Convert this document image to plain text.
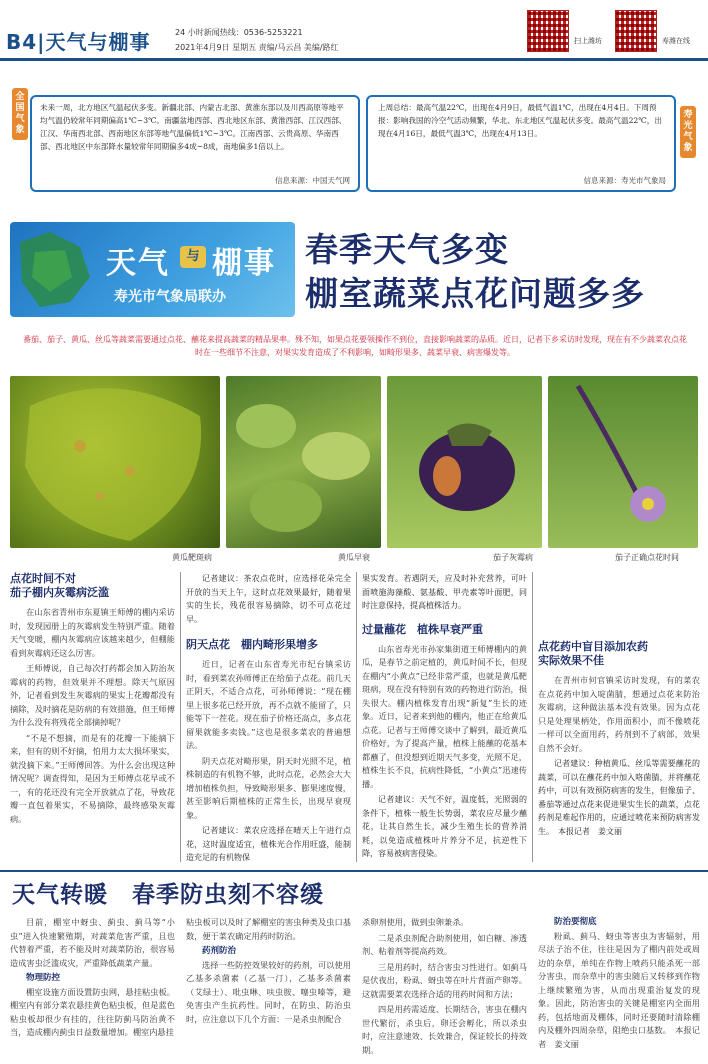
B4|天气与棚事	24 小时新闻热线：0536-5253221
2021年4月9日 星期五 责编/马云昌 美编/路红
扫上潍坊	寿潍在线
全国气象
未来一周，北方地区气温起伏多变。新疆北部、内蒙古北部、黄淮东部以及川西高原等地平均气温仍较常年同期偏高1℃~3℃。南疆盆地西部、西北地区东部、黄淮西部、江汉西部、江汉、华南西北部、西南地区东部等地气温偏低1℃~3℃。江南西部、云贵高原、华南西部、西北地区中东部降水量较常年同期偏多4成~8成，南地偏多1倍以上。
信息来源：中国天气网
上周总结：最高气温22℃，出现在4月9日，最低气温1℃，出现在4月4日。下周预报：影响我国的冷空气活动频繁，华北、东北地区气温起伏多变。最高气温22℃，出现在4月16日，最低气温3℃，出现在4月13日。
信息来源：寿光市气象局
寿光气象
天气	与 棚事
寿光市气象局联办
春季天气多变
棚室蔬菜点花问题多多
番茄、茄子、黄瓜、丝瓜等蔬菜需要通过点花、蘸花来提高蔬菜的精品果率。殊不知，如果点花要领操作不到位，直接影响蔬菜的品质。近日，记者下乡采访时发现，现在有不少蔬菜农点花时在一些细节不注意，对果实发育造成了不利影响，如畸形果多、蔬菜早衰、病害爆发等。
黄瓜靶斑病	黄瓜早衰	茄子灰霉病	茄子正确点花时间
点花时间不对
茄子棚内灰霉病泛滥

在山东省青州市东夏镇王师傅的棚内采访时，发现园册上的灰霉病发生特别严重。随着天气变暖，棚内灰霉病应该越来越少，但棚能看到灰霉病还这么厉害。

王师傅说，自己每次打药都会加入防治灰霉病的药物，但效果并不理想。除天气原因外，记者看到发生灰霉病的果实上花瓣都没有摘除，及时摘花是防病的有效措施，但王师傅为什么没有将残花全部摘掉呢？

“不是不想摘，而是有的花瓣一下能摘下来，但有的则不好摘，怕用力太大损坏果实，就没摘下来。”王师傅回答。为什么会出现这种情况呢？调查得知，是因为王师傅点花早或不一，有的花还没有完全开放就点了花，导致花瓣一直包着果实，不易摘除，最终感染灰霉病。

记者建议：茶农点花时，应选择花朵完全开放的当天上午，这时点花效果最好，随着果实的生长，残花很容易摘除，切不可点花过早。

阴天点花　棚内畸形果增多

近日，记者在山东省寿光市纪台镇采访时，看到菜农孙师傅正在给茄子点花。前几天正阴天，不适合点花，可孙师傅说：“现在棚里上很多花已经开放，再不点就不能留了，只能等下一茬花。现在茄子价格还高点，多点花留果就能多卖钱。”这也是很多菜农的普遍想法。

阴天点花对畸形果，阴天时光照不足，植株制造的有机物不够，此时点花，必然会大大增加植株负担，导致畸形果多、膨果速度慢，甚至影响后期植株的正常生长，出现早衰现象。

记者建议：菜农应选择在晴天上午进行点花，这时温度适宜，植株光合作用旺盛，能制造充足的有机物保

果实发育。若遇阴天，应及时补充营养，可叶面喷施海藻酸、氨基酸、甲壳素等叶面肥，同时注意保持，提高植株活力。

过量蘸花　植株早衰严重

山东省寿光市孙家集街道王师傅棚内的黄瓜，是春节之前定植的，黄瓜时间不长，但现在棚内“小黄点”已经非常严重，也就是黄瓜靶斑病，现在没有特别有效的药物进行防治，损失很大。棚内植株发育出现“新复”生长的迹象。近日，记者来到他的棚内，他正在给黄瓜点花。记者与王师傅交谈中了解到，最近黄瓜价格好，为了提高产量，植株上能蘸的花基本都蘸了，但没想到近期天气多变，光照不足，植株生长不良，抗病性降低，“小黄点”迅速传播。

记者建议：天气不好，温度低，光照弱的条件下，植株一般生长势弱，菜农应尽量少蘸花，让其自然生长，减少生殖生长的营养消耗，以免造成植株叶片养分不足，抗逆性下降，容易被病害侵染。

点花药中盲目添加农药
实际效果不佳

在青州市何官镇采访时发现，有的菜农在点花药中加入啶菌腈，想通过点花来防治灰霉病，这种做法基本没有效果。因为点花只是处理果柄处，作用面积小，而不像喷花一样可以全面用药，药剂到不了病部，效果自然不会好。

记者建议：种植黄瓜、丝瓜等需要蘸花的蔬菜，可以在蘸花药中加入咯菌腈，并将蘸花药中，可以有效预防病害的发生，但像茄子、番茄等通过点花来促进果实生长的蔬菜，点花药剂是难起作用的，应通过喷花来预防病害发生。　本报记者　姜文丽

天气转暖　春季防虫刻不容缓

目前，棚室中蚜虫、蓟虫、蓟马等“小虫”进入快速繁殖期，对蔬菜危害严重，且也代替着严重，若不能及时对蔬菜防治，很容易造成害虫泛滥成灾，严重降低蔬菜产量。

物理防控

棚室设施方面设置防虫网，悬挂粘虫板。棚室内有部分菜农悬挂黄色粘虫板，但是蓝色粘虫板却很少有挂的，往往防蓟马防治黄不当，造成棚内蓟虫日益数量增加。棚室内悬挂

粘虫板可以及时了解棚室的害虫种类及虫口基数，便于菜农确定用药时防治。

药剂防治

选择一些防控效果较好的药剂，可以使用乙基多杀菌素（乙基一汀），乙基多杀菌素（艾绿士）、吡虫啉、呋虫胺、噻虫嗪等，避免害虫产生抗药性。同时，在防虫、防治虫时，应注意以下几个方面：一是杀虫剂配合

杀卵剂使用，做到虫卵兼杀。

二是杀虫剂配合助剂使用，如白糖、渗透剂、粘着剂等提高药效。

三是用药时，结合害虫习性进行。如蓟马是伏夜出，粉虱、蚜虫等在叶片背面产卵等。这就需要菜农选择合适的用药时间和方法；

四是用药需适度、长期结合，害虫在棚内世代繁衍，杀虫后，卵还会孵化，所以杀虫时，应注意速效、长效兼合，保证较长的持效期。

防治要彻底

粉虱、蓟马、蚜虫等害虫为害辐射，用尽法子治不住，往往是因为了棚内前处或周边的杂草，单纯在作物上喷药只能杀死一部分害虫，而杂草中的害虫随后又转移到作物上继续繁殖为害，从而出现重治复发的现象。因此，防治害虫的关键是棚室内全面用药，包括地面及棚体，同时还要随时清除棚内及棚外四周杂草，阻绝虫口基数。　本报记者　姜文丽
